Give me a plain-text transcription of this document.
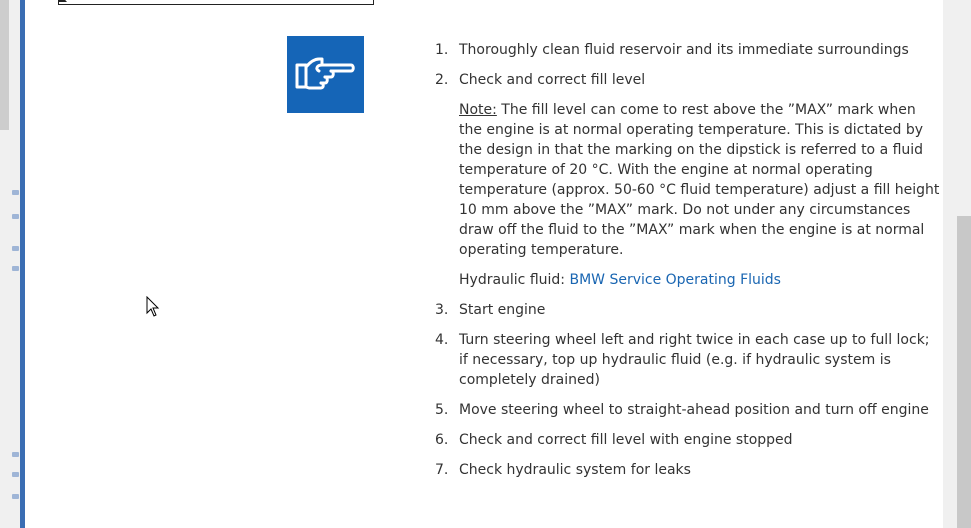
1. Thoroughly clean fluid reservoir and its immediate surroundings
2. Check and correct fill level
Note: The fill level can come to rest above the ”MAX” mark when the engine is at normal operating temperature. This is dictated by the design in that the marking on the dipstick is referred to a fluid temperature of 20 °C. With the engine at normal operating temperature (approx. 50-60 °C fluid temperature) adjust a fill height 10 mm above the ”MAX” mark. Do not under any circumstances draw off the fluid to the ”MAX” mark when the engine is at normal operating temperature.
Hydraulic fluid: BMW Service Operating Fluids
3. Start engine
4. Turn steering wheel left and right twice in each case up to full lock; if necessary, top up hydraulic fluid (e.g. if hydraulic system is completely drained)
5. Move steering wheel to straight-ahead position and turn off engine
6. Check and correct fill level with engine stopped
7. Check hydraulic system for leaks
